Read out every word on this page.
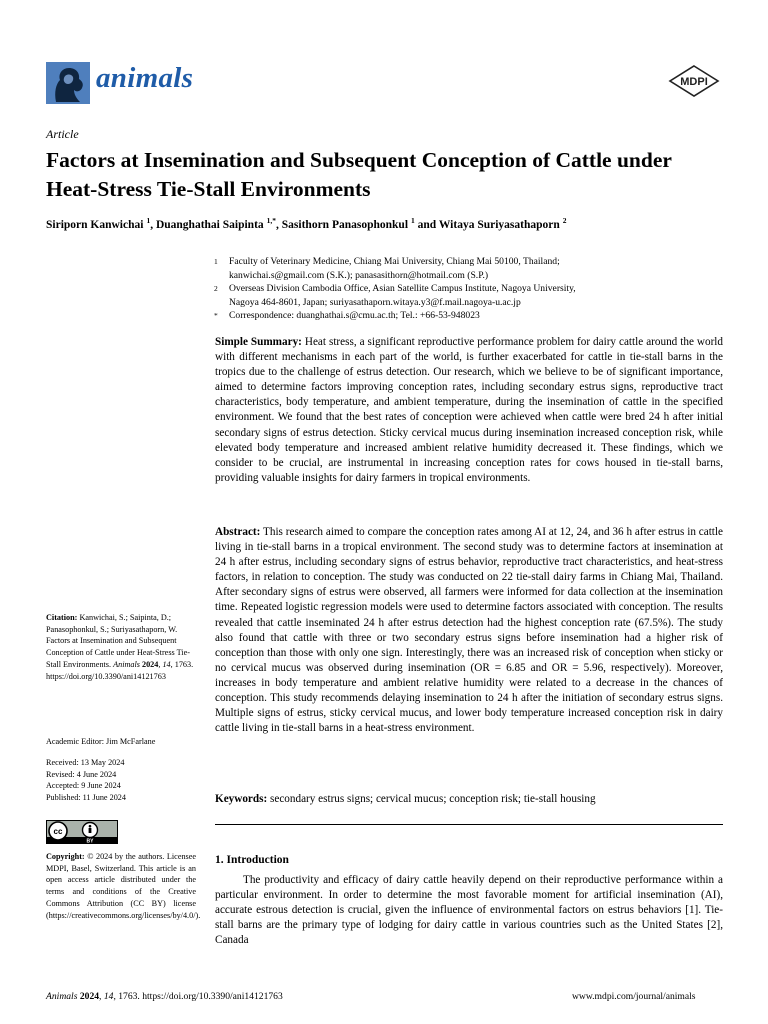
animals	MDPI
Article
Factors at Insemination and Subsequent Conception of Cattle under Heat-Stress Tie-Stall Environments
Siriporn Kanwichai $^1$, Duanghathai Saipinta $^{1,*}$, Sasithorn Panasophonkul $^1$ and Witaya Suriyasathaporn $^2$
1 Faculty of Veterinary Medicine, Chiang Mai University, Chiang Mai 50100, Thailand;
kanwichai.s@gmail.com (S.K.); panasasithorn@hotmail.com (S.P.)
2 Overseas Division Cambodia Office, Asian Satellite Campus Institute, Nagoya University,
Nagoya 464-8601, Japan; suriyasathaporn.witaya.y3@f.mail.nagoya-u.ac.jp
* Correspondence: duanghathai.s@cmu.ac.th; Tel.: +66-53-948023
Simple Summary: Heat stress, a significant reproductive performance problem for dairy cattle around the world with different mechanisms in each part of the world, is further exacerbated for cattle in tie-stall barns in the tropics due to the challenge of estrus detection. Our research, which we believe to be of significant importance, aimed to determine factors improving conception rates, including secondary estrus signs, reproductive tract characteristics, body temperature, and ambient temperature, during the insemination of cattle in the specified environment. We found that the best rates of conception were achieved when cattle were bred 24 h after initial secondary signs of estrus detection. Sticky cervical mucus during insemination increased conception risk, while elevated body temperature and increased ambient relative humidity decreased it. These findings, which we consider to be crucial, are instrumental in increasing conception rates for cows housed in tie-stall barns, providing valuable insights for dairy farmers in tropical environments.
Abstract: This research aimed to compare the conception rates among AI at 12, 24, and 36 h after estrus in cattle living in tie-stall barns in a tropical environment. The second study was to determine factors at insemination at 24 h after estrus, including secondary signs of estrus behavior, reproductive tract characteristics, and heat-stress factors, in relation to conception. The study was conducted on 22 tie-stall dairy farms in Chiang Mai, Thailand. After secondary signs of estrus were observed, all farmers were informed for data collection at the insemination time. Repeated logistic regression models were used to determine factors associated with conception. The results revealed that cattle inseminated 24 h after estrus detection had the highest conception rate (67.5%). The study also found that cattle with three or two secondary estrus signs before insemination had a higher risk of conception than those with only one sign. Interestingly, there was an increased risk of conception when sticky or no cervical mucus was observed during insemination (OR = 6.85 and OR = 5.96, respectively). Moreover, increases in body temperature and ambient relative humidity were related to a decrease in the chances of conception. This study recommends delaying insemination to 24 h after the initiation of secondary estrus signs. Multiple signs of estrus, sticky cervical mucus, and lower body temperature increased conception risk in dairy cattle living in tie-stall barns in a heat-stress environment.
Keywords: secondary estrus signs; cervical mucus; conception risk; tie-stall housing
1. Introduction
The productivity and efficacy of dairy cattle heavily depend on their reproductive performance within a particular environment. In order to determine the most favorable moment for artificial insemination (AI), accurate estrous detection is crucial, given the influence of environmental factors on estrus behaviors [1]. Tie-stall barns are the primary type of lodging for dairy cattle in various countries such as the United States [2], Canada
Citation: Kanwichai, S.; Saipinta, D.; Panasophonkul, S.; Suriyasathaporn, W. Factors at Insemination and Subsequent Conception of Cattle under Heat-Stress Tie-Stall Environments. Animals 2024, 14, 1763. https://doi.org/10.3390/ani14121763
Academic Editor: Jim McFarlane
Received: 13 May 2024
Revised: 4 June 2024
Accepted: 9 June 2024
Published: 11 June 2024
cc
BY
Copyright: © 2024 by the authors. Licensee MDPI, Basel, Switzerland. This article is an open access article distributed under the terms and conditions of the Creative Commons Attribution (CC BY) license (https://creativecommons.org/licenses/by/4.0/).
Animals 2024, 14, 1763. https://doi.org/10.3390/ani14121763	www.mdpi.com/journal/animals
